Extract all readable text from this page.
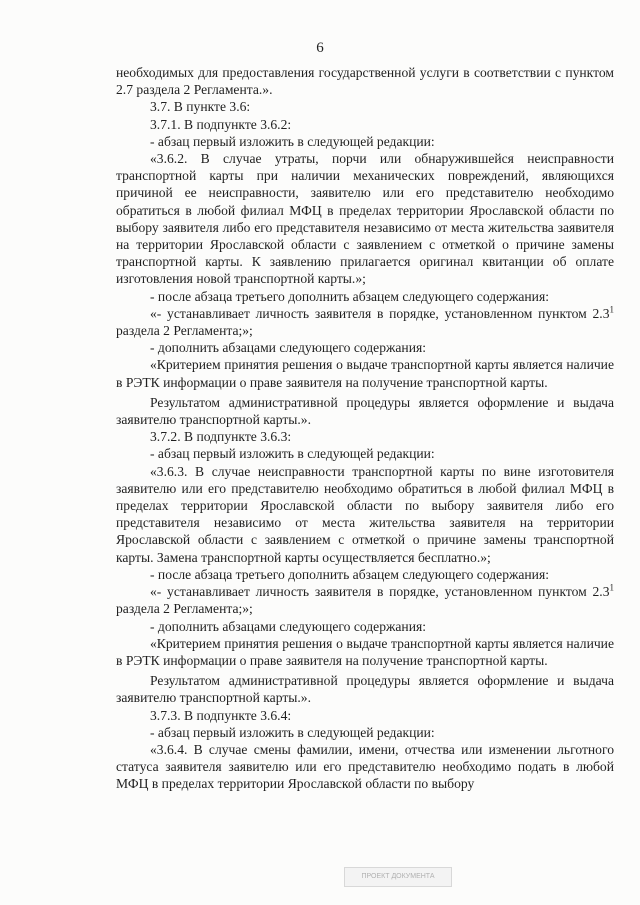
6

необходимых для предоставления государственной услуги в соответствии с пунктом 2.7 раздела 2 Регламента.».

3.7. В пункте 3.6:

3.7.1. В подпункте 3.6.2:

- абзац первый изложить в следующей редакции:

«3.6.2. В случае утраты, порчи или обнаружившейся неисправности транспортной карты при наличии механических повреждений, являющихся причиной ее неисправности, заявителю или его представителю необходимо обратиться в любой филиал МФЦ в пределах территории Ярославской области по выбору заявителя либо его представителя независимо от места жительства заявителя на территории Ярославской области с заявлением с отметкой о причине замены транспортной карты. К заявлению прилагается оригинал квитанции об оплате изготовления новой транспортной карты.»;

- после абзаца третьего дополнить абзацем следующего содержания:

«- устанавливает личность заявителя в порядке, установленном пунктом $2.3^1$ раздела 2 Регламента;»;

- дополнить абзацами следующего содержания:

«Критерием принятия решения о выдаче транспортной карты является наличие в РЭТК информации о праве заявителя на получение транспортной карты.

Результатом административной процедуры является оформление и выдача заявителю транспортной карты.».

3.7.2. В подпункте 3.6.3:

- абзац первый изложить в следующей редакции:

«3.6.3. В случае неисправности транспортной карты по вине изготовителя заявителю или его представителю необходимо обратиться в любой филиал МФЦ в пределах территории Ярославской области по выбору заявителя либо его представителя независимо от места жительства заявителя на территории Ярославской области с заявлением с отметкой о причине замены транспортной карты. Замена транспортной карты осуществляется бесплатно.»;

- после абзаца третьего дополнить абзацем следующего содержания:

«- устанавливает личность заявителя в порядке, установленном пунктом $2.3^1$ раздела 2 Регламента;»;

- дополнить абзацами следующего содержания:

«Критерием принятия решения о выдаче транспортной карты является наличие в РЭТК информации о праве заявителя на получение транспортной карты.

Результатом административной процедуры является оформление и выдача заявителю транспортной карты.».

3.7.3. В подпункте 3.6.4:

- абзац первый изложить в следующей редакции:

«3.6.4. В случае смены фамилии, имени, отчества или изменении льготного статуса заявителя заявителю или его представителю необходимо подать в любой МФЦ в пределах территории Ярославской области по выбору

ПРОЕКТ ДОКУМЕНТА
